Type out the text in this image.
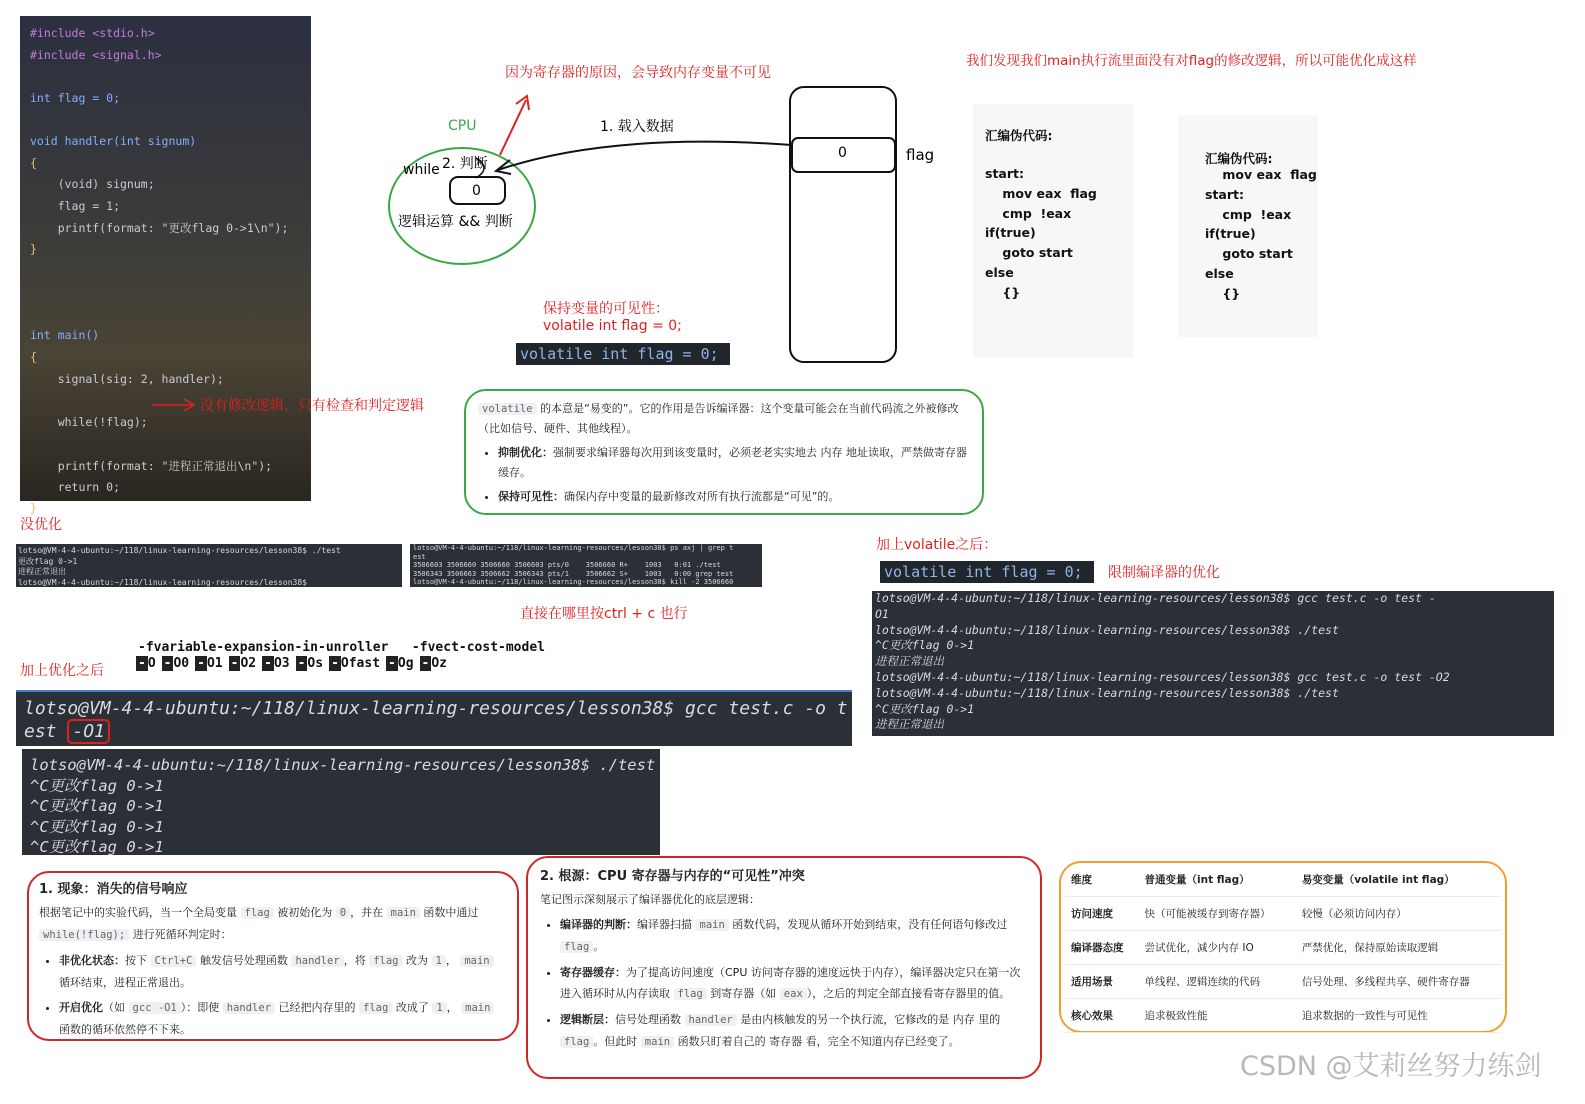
#include <stdio.h>
#include <signal.h>
int flag = 0;
void handler(int signum)
{
(void) signum;
flag = 1;
printf(format: "更改flag 0->1\n");
}
int main()
{
signal(sig: 2, handler);
while(!flag);
printf(format: "进程正常退出\n");
return 0;
}
没有修改逻辑，只有检查和判定逻辑
因为寄存器的原因，会导致内存变量不可见
CPU
while 2. 判断
0
逻辑运算 && 判断
1. 载入数据
0	flag
保持变量的可见性：
volatile int flag = 0;
volatile int flag = 0;
我们发现我们main执行流里面没有对flag的修改逻辑，所以可能优化成这样
汇编伪代码:
start:
mov eax  flag
cmp  !eax
if(true)
goto start
else
{}
汇编伪代码:
mov eax  flag
start:
cmp  !eax
if(true)
goto start
else
{}
volatile 的本意是“易变的”。它的作用是告诉编译器：这个变量可能会在当前代码流之外被修改（比如信号、硬件、其他线程）。
• 抑制优化：强制要求编译器每次用到该变量时，必须老老实实地去 内存 地址读取，严禁做寄存器缓存。
• 保持可见性：确保内存中变量的最新修改对所有执行流都是“可见”的。
没优化
lotso@VM-4-4-ubuntu:~/118/linux-learning-resources/lesson38$ ./test
更改flag 0->1
进程正常退出
lotso@VM-4-4-ubuntu:~/118/linux-learning-resources/lesson38$
lotso@VM-4-4-ubuntu:~/118/linux-learning-resources/lesson38$ ps axj | grep t
est
3506603 3506660 3506660 3506603 pts/0    3506660 R+    1003   0:01 ./test
3506343 3506663 3506662 3506343 pts/1    3506662 S+    1003   0:00 grep test
lotso@VM-4-4-ubuntu:~/118/linux-learning-resources/lesson38$ kill -2 3506660
直接在哪里按ctrl + c 也行
加上优化之后
-fvariable-expansion-in-unroller   -fvect-cost-model
- O - O0 - O1 - O2 - O3 - Os - Ofast - Og - Oz
lotso@VM-4-4-ubuntu:~/118/linux-learning-resources/lesson38$ gcc test.c -o t
est -O1
lotso@VM-4-4-ubuntu:~/118/linux-learning-resources/lesson38$ ./test
^C更改flag 0->1
^C更改flag 0->1
^C更改flag 0->1
^C更改flag 0->1
加上volatile之后：
volatile int flag = 0;	限制编译器的优化
lotso@VM-4-4-ubuntu:~/118/linux-learning-resources/lesson38$ gcc test.c -o test -
O1
lotso@VM-4-4-ubuntu:~/118/linux-learning-resources/lesson38$ ./test
^C更改flag 0->1
进程正常退出
lotso@VM-4-4-ubuntu:~/118/linux-learning-resources/lesson38$ gcc test.c -o test -O2
lotso@VM-4-4-ubuntu:~/118/linux-learning-resources/lesson38$ ./test
^C更改flag 0->1
进程正常退出
1. 现象：消失的信号响应
根据笔记中的实验代码，当一个全局变量 flag 被初始化为 0 ，并在 main 函数中通过 while(!flag); 进行死循环判定时：
• 非优化状态：按下 Ctrl+C 触发信号处理函数 handler ，将 flag 改为 1 ， main 循环结束，进程正常退出。
• 开启优化（如 gcc -O1 ）：即使 handler 已经把内存里的 flag 改成了 1 ， main 函数的循环依然停不下来。
2. 根源：CPU 寄存器与内存的“可见性”冲突
笔记图示深刻展示了编译器优化的底层逻辑：
• 编译器的判断：编译器扫描 main 函数代码，发现从循环开始到结束，没有任何语句修改过 flag 。
• 寄存器缓存：为了提高访问速度（CPU 访问寄存器的速度远快于内存），编译器决定只在第一次进入循环时从内存读取 flag 到寄存器（如 eax ），之后的判定全部直接看寄存器里的值。
• 逻辑断层：信号处理函数 handler 是由内核触发的另一个执行流，它修改的是 内存 里的 flag 。但此时 main 函数只盯着自己的 寄存器 看，完全不知道内存已经变了。
维度	普通变量（int flag）	易变变量（volatile int flag）
访问速度	快（可能被缓存到寄存器）	较慢（必须访问内存）
编译器态度	尝试优化，减少内存 IO	严禁优化，保持原始读取逻辑
适用场景	单线程、逻辑连续的代码	信号处理、多线程共享、硬件寄存器
核心效果	追求极致性能	追求数据的一致性与可见性
CSDN @艾莉丝努力练剑
